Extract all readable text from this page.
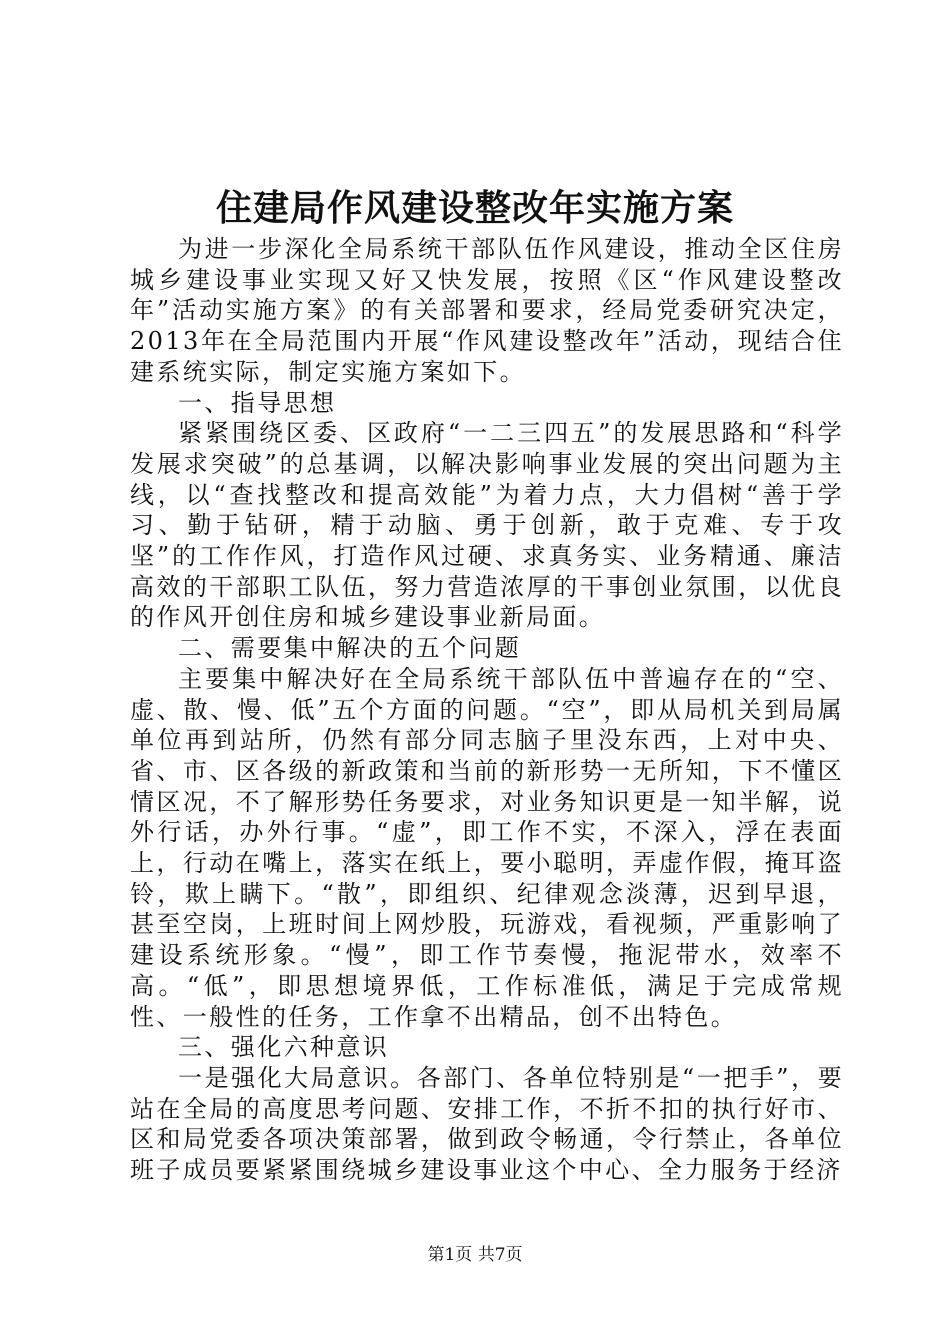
住建局作风建设整改年实施方案

为进一步深化全局系统干部队伍作风建设，推动全区住房城乡建设事业实现又好又快发展，按照《区“作风建设整改年”活动实施方案》的有关部署和要求，经局党委研究决定，2013年在全局范围内开展“作风建设整改年”活动，现结合住建系统实际，制定实施方案如下。

一、指导思想

紧紧围绕区委、区政府“一二三四五”的发展思路和“科学发展求突破”的总基调，以解决影响事业发展的突出问题为主线，以“查找整改和提高效能”为着力点，大力倡树“善于学习、勤于钻研，精于动脑、勇于创新，敢于克难、专于攻坚”的工作作风，打造作风过硬、求真务实、业务精通、廉洁高效的干部职工队伍，努力营造浓厚的干事创业氛围，以优良的作风开创住房和城乡建设事业新局面。

二、需要集中解决的五个问题

主要集中解决好在全局系统干部队伍中普遍存在的“空、虚、散、慢、低”五个方面的问题。“空”，即从局机关到局属单位再到站所，仍然有部分同志脑子里没东西，上对中央、省、市、区各级的新政策和当前的新形势一无所知，下不懂区情区况，不了解形势任务要求，对业务知识更是一知半解，说外行话，办外行事。“虚”，即工作不实，不深入，浮在表面上，行动在嘴上，落实在纸上，要小聪明，弄虚作假，掩耳盗铃，欺上瞒下。“散”，即组织、纪律观念淡薄，迟到早退，甚至空岗，上班时间上网炒股，玩游戏，看视频，严重影响了建设系统形象。“慢”，即工作节奏慢，拖泥带水，效率不高。“低”，即思想境界低，工作标准低，满足于完成常规性、一般性的任务，工作拿不出精品，创不出特色。

三、强化六种意识

一是强化大局意识。各部门、各单位特别是“一把手”，要站在全局的高度思考问题、安排工作，不折不扣的执行好市、区和局党委各项决策部署，做到政令畅通，令行禁止，各单位班子成员要紧紧围绕城乡建设事业这个中心、全力服务于经济

第1页 共7页
